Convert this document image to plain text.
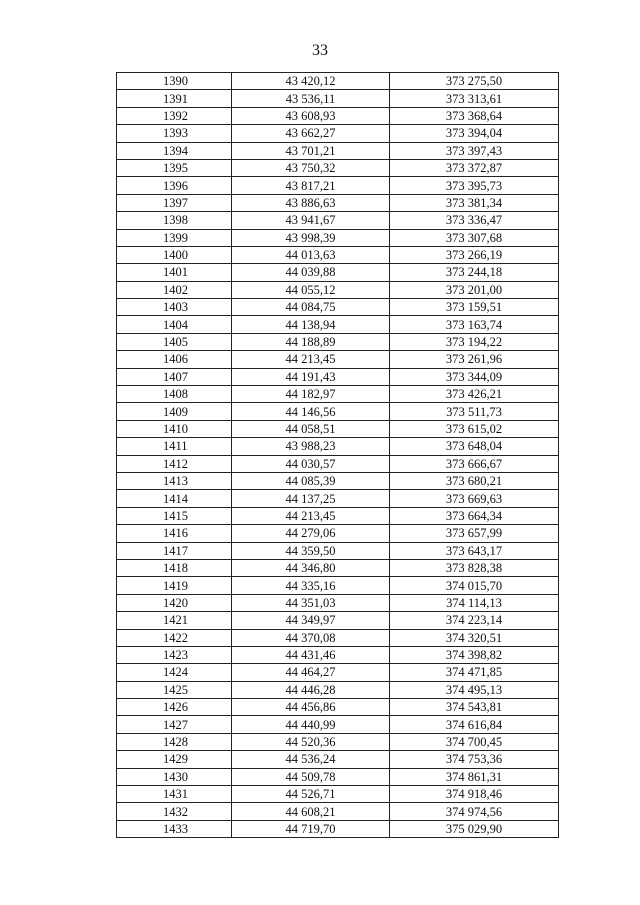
33
1390	43 420,12	373 275,50
1391	43 536,11	373 313,61
1392	43 608,93	373 368,64
1393	43 662,27	373 394,04
1394	43 701,21	373 397,43
1395	43 750,32	373 372,87
1396	43 817,21	373 395,73
1397	43 886,63	373 381,34
1398	43 941,67	373 336,47
1399	43 998,39	373 307,68
1400	44 013,63	373 266,19
1401	44 039,88	373 244,18
1402	44 055,12	373 201,00
1403	44 084,75	373 159,51
1404	44 138,94	373 163,74
1405	44 188,89	373 194,22
1406	44 213,45	373 261,96
1407	44 191,43	373 344,09
1408	44 182,97	373 426,21
1409	44 146,56	373 511,73
1410	44 058,51	373 615,02
1411	43 988,23	373 648,04
1412	44 030,57	373 666,67
1413	44 085,39	373 680,21
1414	44 137,25	373 669,63
1415	44 213,45	373 664,34
1416	44 279,06	373 657,99
1417	44 359,50	373 643,17
1418	44 346,80	373 828,38
1419	44 335,16	374 015,70
1420	44 351,03	374 114,13
1421	44 349,97	374 223,14
1422	44 370,08	374 320,51
1423	44 431,46	374 398,82
1424	44 464,27	374 471,85
1425	44 446,28	374 495,13
1426	44 456,86	374 543,81
1427	44 440,99	374 616,84
1428	44 520,36	374 700,45
1429	44 536,24	374 753,36
1430	44 509,78	374 861,31
1431	44 526,71	374 918,46
1432	44 608,21	374 974,56
1433	44 719,70	375 029,90
